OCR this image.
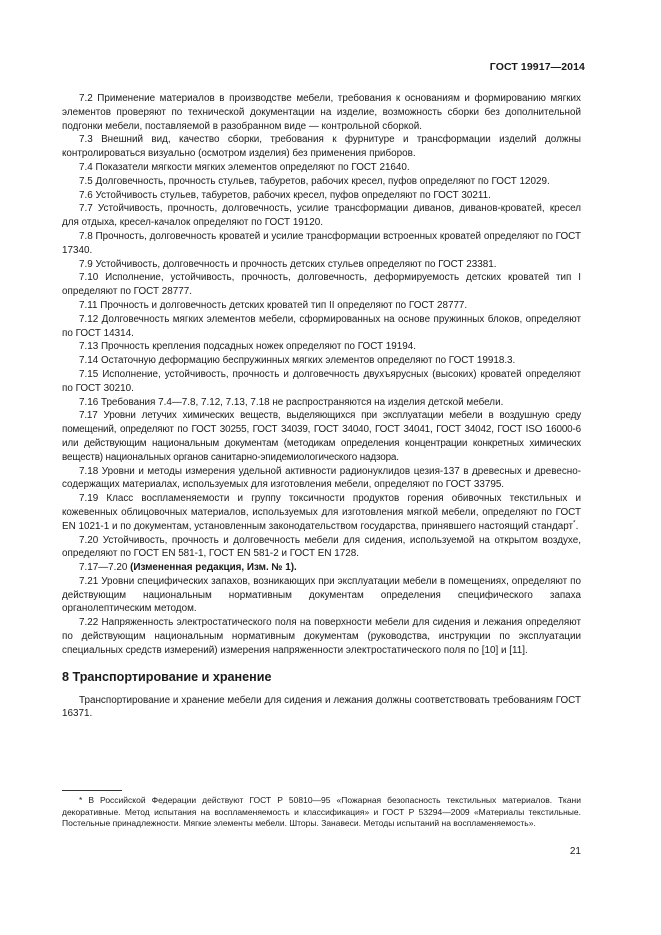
ГОСТ 19917—2014

7.2 Применение материалов в производстве мебели, требования к основаниям и формированию мягких элементов проверяют по технической документации на изделие, возможность сборки без дополнительной подгонки мебели, поставляемой в разобранном виде — контрольной сборкой.

7.3 Внешний вид, качество сборки, требования к фурнитуре и трансформации изделий должны контролироваться визуально (осмотром изделия) без применения приборов.

7.4 Показатели мягкости мягких элементов определяют по ГОСТ 21640.

7.5 Долговечность, прочность стульев, табуретов, рабочих кресел, пуфов определяют по ГОСТ 12029.

7.6 Устойчивость стульев, табуретов, рабочих кресел, пуфов определяют по ГОСТ 30211.

7.7 Устойчивость, прочность, долговечность, усилие трансформации диванов, диванов-кроватей, кресел для отдыха, кресел-качалок определяют по ГОСТ 19120.

7.8 Прочность, долговечность кроватей и усилие трансформации встроенных кроватей определяют по ГОСТ 17340.

7.9 Устойчивость, долговечность и прочность детских стульев определяют по ГОСТ 23381.

7.10 Исполнение, устойчивость, прочность, долговечность, деформируемость детских кроватей тип I определяют по ГОСТ 28777.

7.11 Прочность и долговечность детских кроватей тип II определяют по ГОСТ 28777.

7.12 Долговечность мягких элементов мебели, сформированных на основе пружинных блоков, определяют по ГОСТ 14314.

7.13 Прочность крепления подсадных ножек определяют по ГОСТ 19194.

7.14 Остаточную деформацию беспружинных мягких элементов определяют по ГОСТ 19918.3.

7.15 Исполнение, устойчивость, прочность и долговечность двухъярусных (высоких) кроватей определяют по ГОСТ 30210.

7.16 Требования 7.4—7.8, 7.12, 7.13, 7.18 не распространяются на изделия детской мебели.

7.17 Уровни летучих химических веществ, выделяющихся при эксплуатации мебели в воздушную среду помещений, определяют по ГОСТ 30255, ГОСТ 34039, ГОСТ 34040, ГОСТ 34041, ГОСТ 34042, ГОСТ ISO 16000-6 или действующим национальным документам (методикам определения концентрации конкретных химических веществ) национальных органов санитарно-эпидемиологического надзора.

7.18 Уровни и методы измерения удельной активности радионуклидов цезия-137 в древесных и древесно-содержащих материалах, используемых для изготовления мебели, определяют по ГОСТ 33795.

7.19 Класс воспламеняемости и группу токсичности продуктов горения обивочных текстильных и кожевенных облицовочных материалов, используемых для изготовления мягкой мебели, определяют по ГОСТ EN 1021-1 и по документам, установленным законодательством государства, принявшего настоящий стандарт*.

7.20 Устойчивость, прочность и долговечность мебели для сидения, используемой на открытом воздухе, определяют по ГОСТ EN 581-1, ГОСТ EN 581-2 и ГОСТ EN 1728.

7.17—7.20 (Измененная редакция, Изм. № 1).

7.21 Уровни специфических запахов, возникающих при эксплуатации мебели в помещениях, определяют по действующим национальным нормативным документам определения специфического запаха органолептическим методом.

7.22 Напряженность электростатического поля на поверхности мебели для сидения и лежания определяют по действующим национальным нормативным документам (руководства, инструкции по эксплуатации специальных средств измерений) измерения напряженности электростатического поля по [10] и [11].

8 Транспортирование и хранение

Транспортирование и хранение мебели для сидения и лежания должны соответствовать требованиям ГОСТ 16371.

* В Российской Федерации действуют ГОСТ Р 50810—95 «Пожарная безопасность текстильных материалов. Ткани декоративные. Метод испытания на воспламеняемость и классификация» и ГОСТ Р 53294—2009 «Материалы текстильные. Постельные принадлежности. Мягкие элементы мебели. Шторы. Занавеси. Методы испытаний на воспламеняемость».
21
